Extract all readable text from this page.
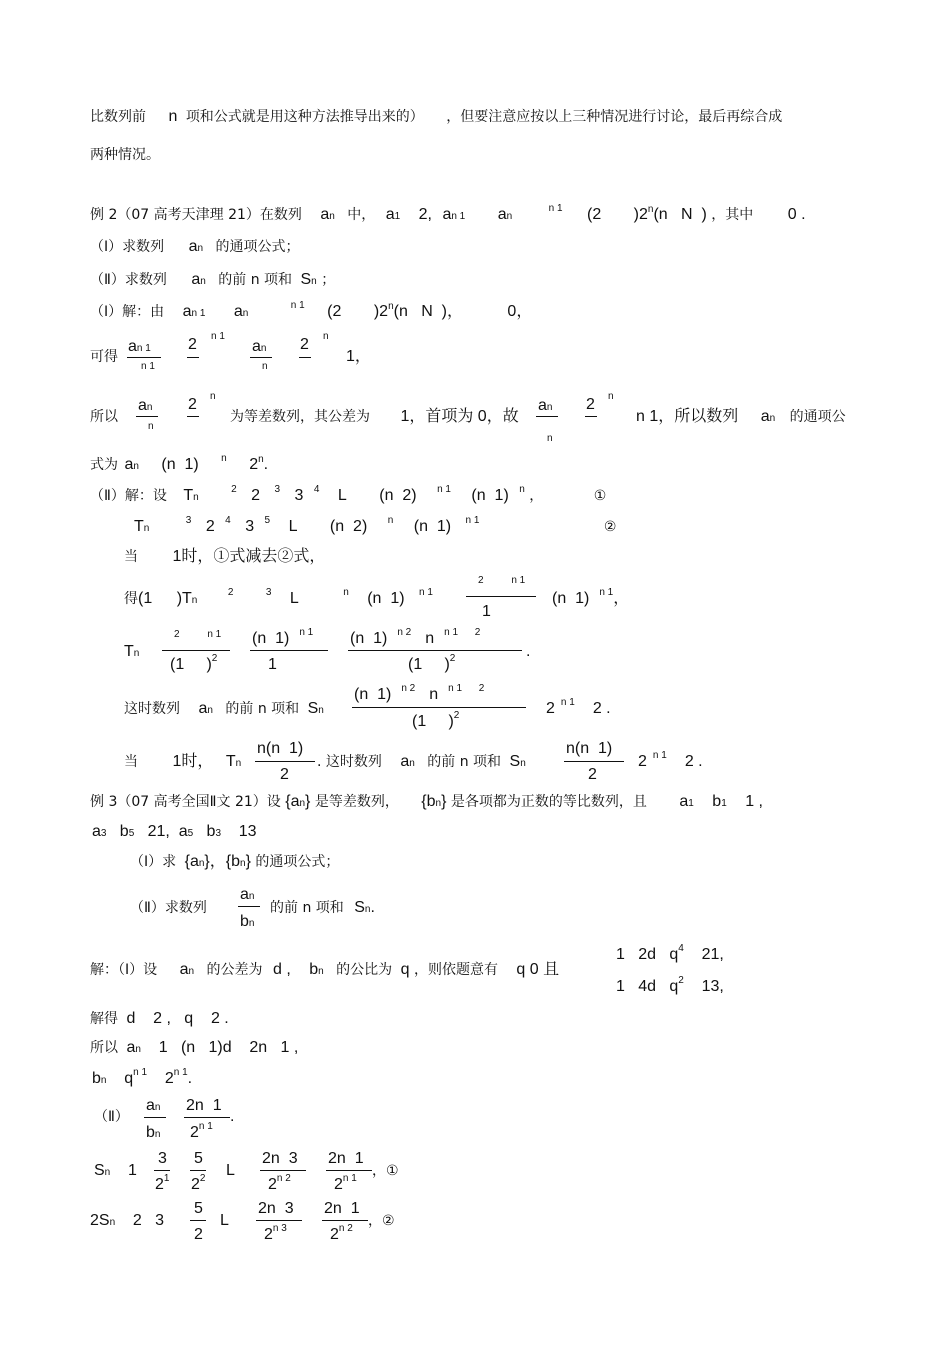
比数列前 n 项和公式就是用这种方法推导出来的） ，但要注意应按以上三种情况进行讨论，最后再综合成
两种情况。
例 2（07 高考天津理 21）在数列 an 中， a1 2, an 1 an $^{n 1}$ (2 )2$^n$(n   N  ) ，其中 0 .
（Ⅰ）求数列 an 的通项公式；
（Ⅱ）求数列 an 的前 n 项和 Sn ；
（Ⅰ）解：由 an 1 an $^{n 1}$ (2 )2$^n$(n   N  )，	0，
可得
an 1
n 1
2 n 1
an
n
2 n
1，
所以
an
n
2 n
为等差数列，其公差为 1，首项为 0，故
an
n
2 n
n 1，所以数列 an 的通项公
式为 an (n  1) $^n$ 2$^n$.
（Ⅱ）解：设 Tn $^2$ 2 $^3$ 3 $^4$ L (n  2) $^{n 1}$ (n  1) $^n$ ，	①
Tn $^3$ 2 $^4$ 3 $^5$ L (n  2) $^n$ (n  1) $^{n 1}$	②
当 1时，①式减去②式，
得(1 )Tn $^2$	$^3$ L	$^n$ (n  1) $^{n 1}$
2          n 1
1
(n  1) $^{n 1}$，
Tn
2          n 1
(1     )$^2$
(n  1) $^{n 1}$
1
(n  1) $^{n 2}$ n $^{n 1 2}$
(1     )$^2$	.
这时数列 an 的前 n 项和 Sn
(n  1) $^{n 2}$ n $^{n 1 2}$
(1     )$^2$	2 $^{n 1}$ 2 .
当 1时， Tn
n(n  1)
2
. 这时数列 an 的前 n 项和 Sn
n(n  1)
2
2 $^{n 1}$ 2 .
例 3（07 高考全国Ⅱ文 21）设 {an} 是等差数列， {bn} 是各项都为正数的等比数列，且 a1 b1 1 ,
a3   b5   21,  a5   b3    13
（Ⅰ）求 {an}，{bn} 的通项公式；
（Ⅱ）求数列
an
bn
的前 n 项和 Sn.
解：（Ⅰ）设 an 的公差为 d , bn 的公比为 q ，则依题意有 q 0 且
1   2d   $q^4$    21,
1   4d   $q^2$    13,
解得 d    2 ,   q    2 .
所以 an    1   (n   1)d    2n   1 ,
bn    $q^{n 1}$    $2^{n 1}$.
（Ⅱ）
an
bn
2n  1
$2^{n 1}$
.
Sn    1
3
$2^1$
5
$2^2$ L
2n  3
$2^{n 2}$
2n  1
$2^{n 1}$ ，①
2Sn    2   3
5
2
L
2n  3
$2^{n 3}$
2n  1
$2^{n 2}$ ，②
